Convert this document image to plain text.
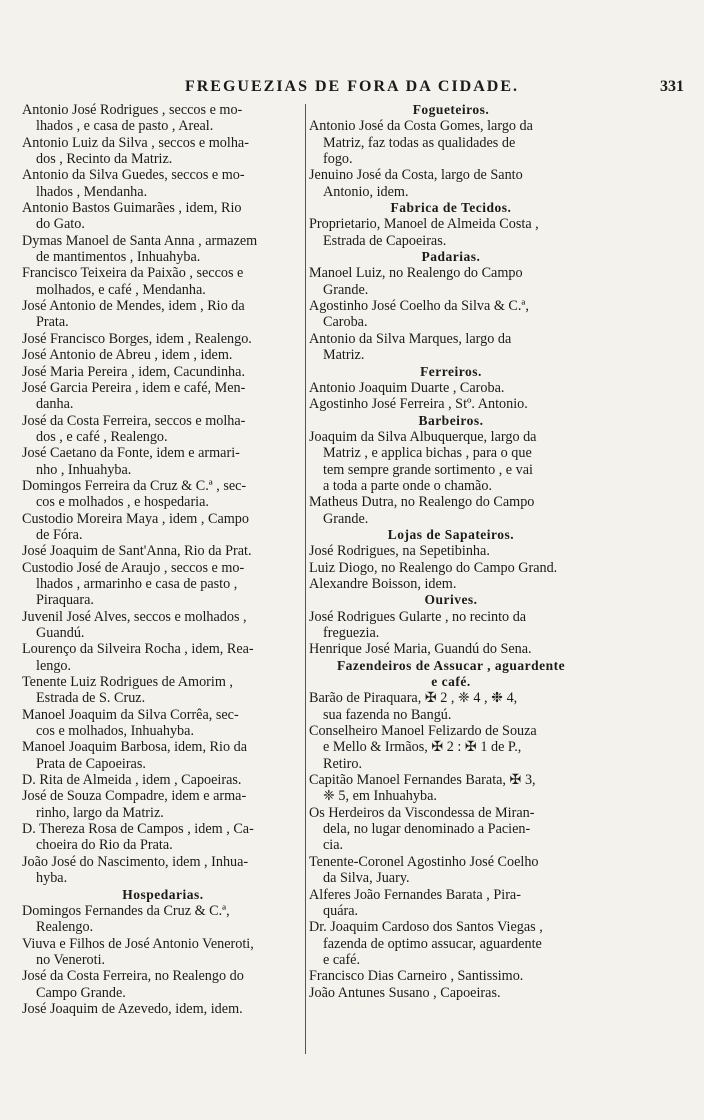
FREGUEZIAS DE FORA DA CIDADE.	331
Antonio José Rodrigues , seccos e mo-
lhados , e casa de pasto , Areal.
Antonio Luiz da Silva , seccos e molha-
dos , Recinto da Matriz.
Antonio da Silva Guedes, seccos e mo-
lhados , Mendanha.
Antonio Bastos Guimarães , idem, Rio
do Gato.
Dymas Manoel de Santa Anna , armazem
de mantimentos , Inhuahyba.
Francisco Teixeira da Paixão , seccos e
molhados, e café , Mendanha.
José Antonio de Mendes, idem , Rio da
Prata.
José Francisco Borges, idem , Realengo.
José Antonio de Abreu , idem , idem.
José Maria Pereira , idem, Cacundinha.
José Garcia Pereira , idem e café, Men-
danha.
José da Costa Ferreira, seccos e molha-
dos , e café , Realengo.
José Caetano da Fonte, idem e armari-
nho , Inhuahyba.
Domingos Ferreira da Cruz & C.ª , sec-
cos e molhados , e hospedaria.
Custodio Moreira Maya , idem , Campo
de Fóra.
José Joaquim de Sant'Anna, Rio da Prat.
Custodio José de Araujo , seccos e mo-
lhados , armarinho e casa de pasto ,
Piraquara.
Juvenil José Alves, seccos e molhados ,
Guandú.
Lourenço da Silveira Rocha , idem, Rea-
lengo.
Tenente Luiz Rodrigues de Amorim ,
Estrada de S. Cruz.
Manoel Joaquim da Silva Corrêa, sec-
cos e molhados, Inhuahyba.
Manoel Joaquim Barbosa, idem, Rio da
Prata de Capoeiras.
D. Rita de Almeida , idem , Capoeiras.
José de Souza Compadre, idem e arma-
rinho, largo da Matriz.
D. Thereza Rosa de Campos , idem , Ca-
choeira do Rio da Prata.
João José do Nascimento, idem , Inhua-
hyba.
Hospedarias.
Domingos Fernandes da Cruz & C.ª,
Realengo.
Viuva e Filhos de José Antonio Veneroti,
no Veneroti.
José da Costa Ferreira, no Realengo do
Campo Grande.
José Joaquim de Azevedo, idem, idem.
Fogueteiros.
Antonio José da Costa Gomes, largo da
Matriz, faz todas as qualidades de
fogo.
Jenuino José da Costa, largo de Santo
Antonio, idem.
Fabrica de Tecidos.
Proprietario, Manoel de Almeida Costa ,
Estrada de Capoeiras.
Padarias.
Manoel Luiz, no Realengo do Campo
Grande.
Agostinho José Coelho da Silva & C.ª,
Caroba.
Antonio da Silva Marques, largo da
Matriz.
Ferreiros.
Antonio Joaquim Duarte , Caroba.
Agostinho José Ferreira , Stº. Antonio.
Barbeiros.
Joaquim da Silva Albuquerque, largo da
Matriz , e applica bichas , para o que
tem sempre grande sortimento , e vai
a toda a parte onde o chamão.
Matheus Dutra, no Realengo do Campo
Grande.
Lojas de Sapateiros.
José Rodrigues, na Sepetibinha.
Luiz Diogo, no Realengo do Campo Grand.
Alexandre Boisson, idem.
Ourives.
José Rodrigues Gularte , no recinto da
freguezia.
Henrique José Maria, Guandú do Sena.
Fazendeiros de Assucar , aguardente
e café.
Barão de Piraquara, ✠ 2 , ❈ 4 , ❉ 4,
sua fazenda no Bangú.
Conselheiro Manoel Felizardo de Souza
e Mello & Irmãos, ✠ 2 : ✠ 1 de P.,
Retiro.
Capitão Manoel Fernandes Barata, ✠ 3,
❈ 5, em Inhuahyba.
Os Herdeiros da Viscondessa de Miran-
dela, no lugar denominado a Pacien-
cia.
Tenente-Coronel Agostinho José Coelho
da Silva, Juary.
Alferes João Fernandes Barata , Pira-
quára.
Dr. Joaquim Cardoso dos Santos Viegas ,
fazenda de optimo assucar, aguardente
e café.
Francisco Dias Carneiro , Santissimo.
João Antunes Susano , Capoeiras.
